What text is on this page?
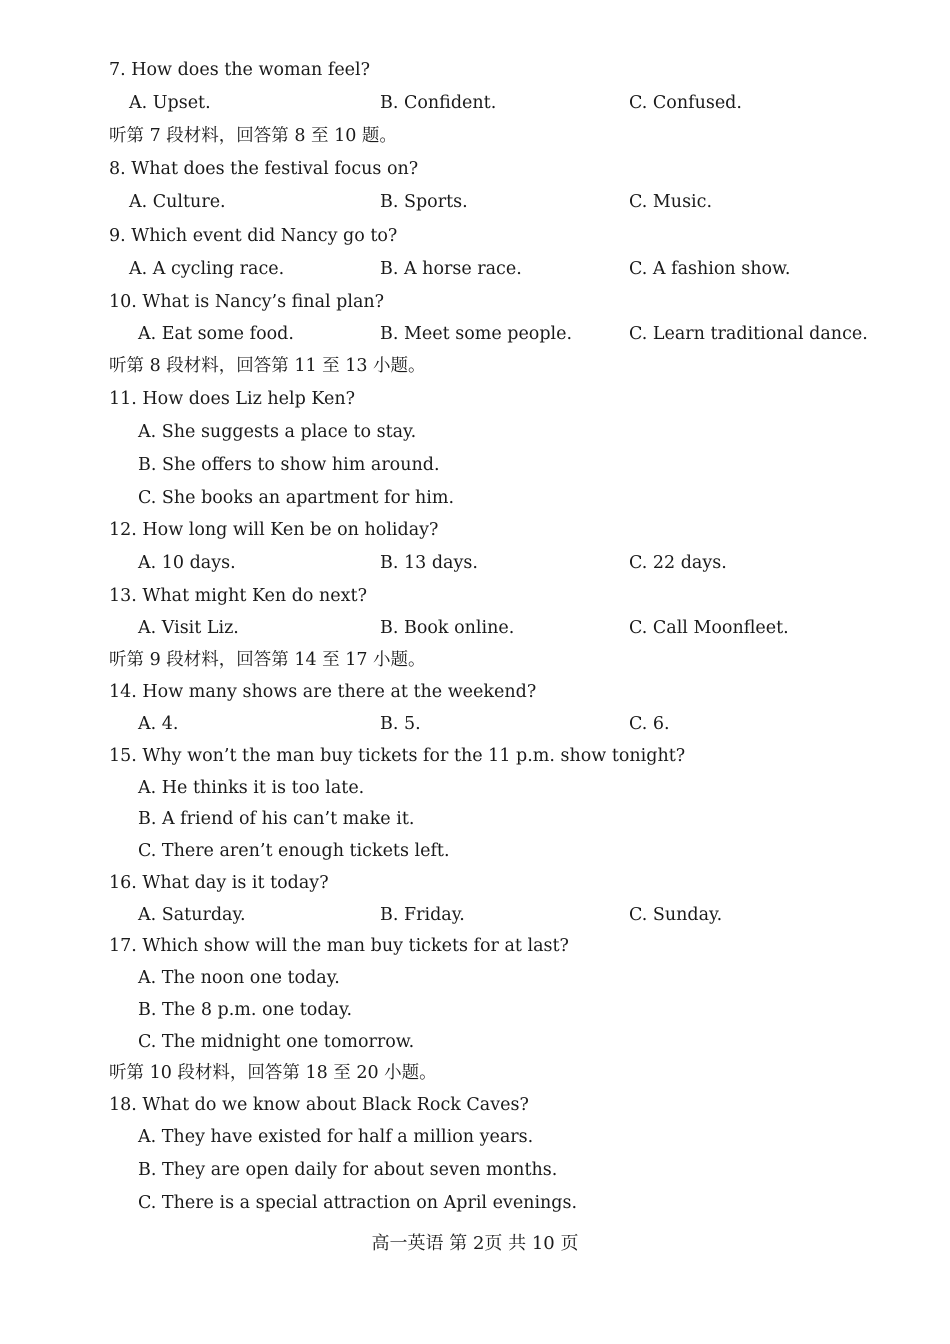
7. How does the woman feel?
A. Upset.	B. Confident.	C. Confused.
听第 7 段材料，回答第 8 至 10 题。
8. What does the festival focus on?
A. Culture.	B. Sports.	C. Music.
9. Which event did Nancy go to?
A. A cycling race.	B. A horse race.	C. A fashion show.
10. What is Nancy’s final plan?
A. Eat some food.	B. Meet some people.	C. Learn traditional dance.
听第 8 段材料，回答第 11 至 13 小题。
11. How does Liz help Ken?
A. She suggests a place to stay.
B. She offers to show him around.
C. She books an apartment for him.
12. How long will Ken be on holiday?
A. 10 days.	B. 13 days.	C. 22 days.
13. What might Ken do next?
A. Visit Liz.	B. Book online.	C. Call Moonfleet.
听第 9 段材料，回答第 14 至 17 小题。
14. How many shows are there at the weekend?
A. 4.	B. 5.	C. 6.
15. Why won’t the man buy tickets for the 11 p.m. show tonight?
A. He thinks it is too late.
B. A friend of his can’t make it.
C. There aren’t enough tickets left.
16. What day is it today?
A. Saturday.	B. Friday.	C. Sunday.
17. Which show will the man buy tickets for at last?
A. The noon one today.
B. The 8 p.m. one today.
C. The midnight one tomorrow.
听第 10 段材料，回答第 18 至 20 小题。
18. What do we know about Black Rock Caves?
A. They have existed for half a million years.
B. They are open daily for about seven months.
C. There is a special attraction on April evenings.
高一英语 第 2页 共 10 页
